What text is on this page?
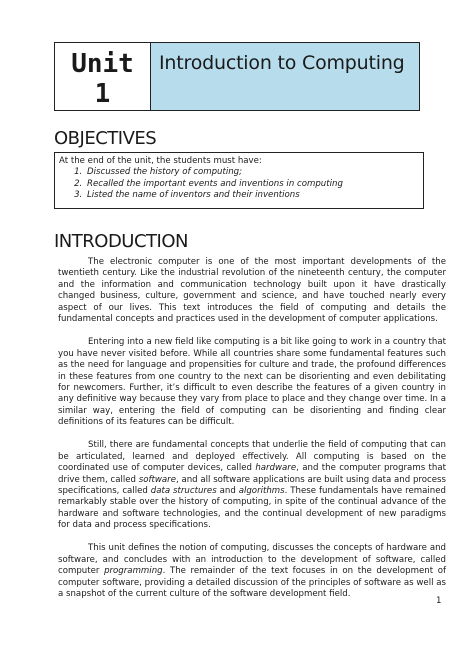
Unit
1
Introduction to Computing
OBJECTIVES
At the end of the unit, the students must have:
1. Discussed the history of computing;
2. Recalled the important events and inventions in computing
3. Listed the name of inventors and their inventions
INTRODUCTION

The electronic computer is one of the most important developments of the twentieth century. Like the industrial revolution of the nineteenth century, the computer and the information and communication technology built upon it have drastically changed business, culture, government and science, and have touched nearly every aspect of our lives. This text introduces the field of computing and details the fundamental concepts and practices used in the development of computer applications.

Entering into a new field like computing is a bit like going to work in a country that you have never visited before. While all countries share some fundamental features such as the need for language and propensities for culture and trade, the profound differences in these features from one country to the next can be disorienting and even debilitating for newcomers. Further, it’s difficult to even describe the features of a given country in any definitive way because they vary from place to place and they change over time. In a similar way, entering the field of computing can be disorienting and finding clear definitions of its features can be difficult.

Still, there are fundamental concepts that underlie the field of computing that can be articulated, learned and deployed effectively. All computing is based on the coordinated use of computer devices, called hardware, and the computer programs that drive them, called software, and all software applications are built using data and process specifications, called data structures and algorithms. These fundamentals have remained remarkably stable over the history of computing, in spite of the continual advance of the hardware and software technologies, and the continual development of new paradigms for data and process specifications.

This unit defines the notion of computing, discusses the concepts of hardware and software, and concludes with an introduction to the development of software, called computer programming. The remainder of the text focuses in on the development of computer software, providing a detailed discussion of the principles of software as well as a snapshot of the current culture of the software development field.

1
